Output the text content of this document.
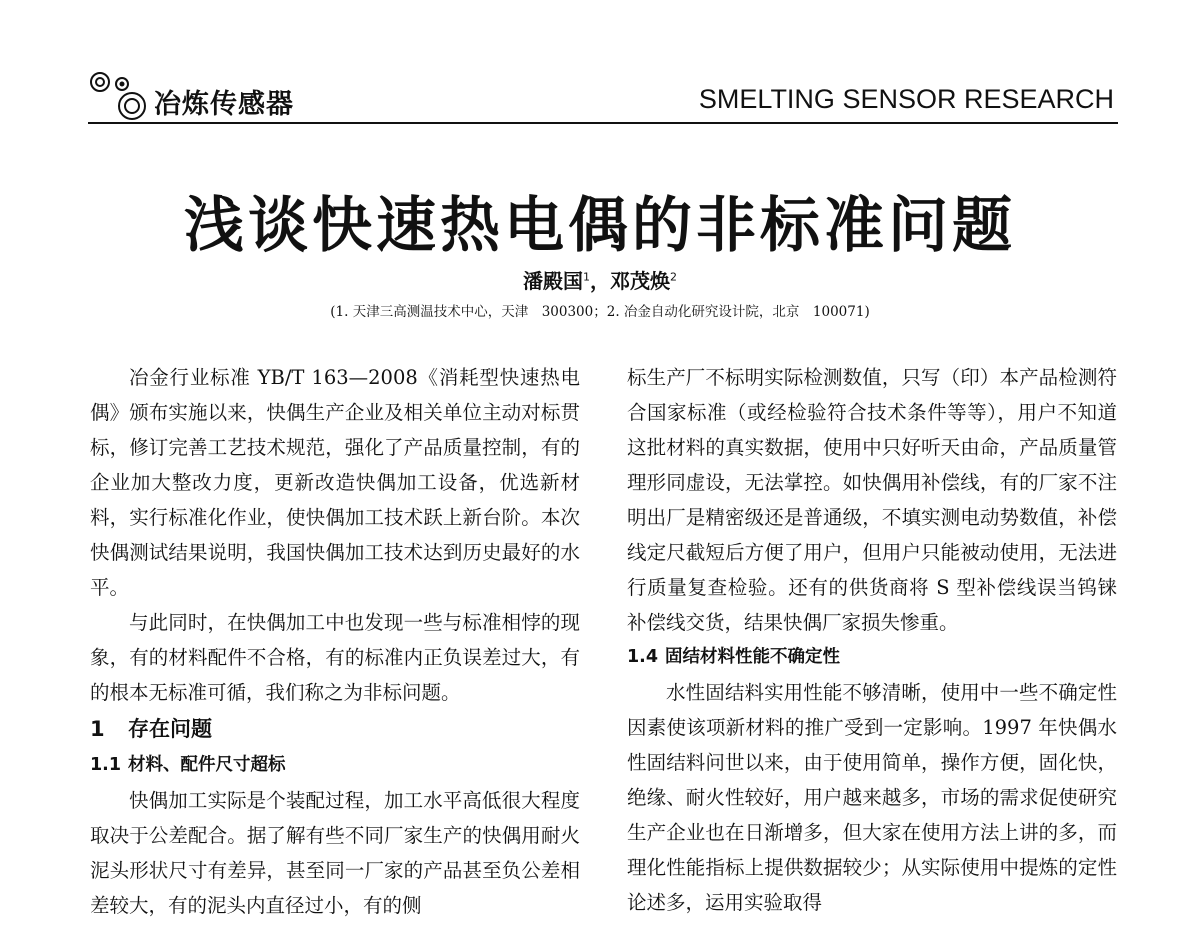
冶炼传感器	SMELTING SENSOR RESEARCH
浅谈快速热电偶的非标准问题
潘殿国$^1$，邓茂焕$^2$
(1. 天津三高测温技术中心，天津　300300；2. 冶金自动化研究设计院，北京　100071)

冶金行业标准 YB/T 163—2008《消耗型快速热电偶》颁布实施以来，快偶生产企业及相关单位主动对标贯标，修订完善工艺技术规范，强化了产品质量控制，有的企业加大整改力度，更新改造快偶加工设备，优选新材料，实行标准化作业，使快偶加工技术跃上新台阶。本次快偶测试结果说明，我国快偶加工技术达到历史最好的水平。

与此同时，在快偶加工中也发现一些与标准相悖的现象，有的材料配件不合格，有的标准内正负误差过大，有的根本无标准可循，我们称之为非标问题。

1 存在问题
1.1 材料、配件尺寸超标

快偶加工实际是个装配过程，加工水平高低很大程度取决于公差配合。据了解有些不同厂家生产的快偶用耐火泥头形状尺寸有差异，甚至同一厂家的产品甚至负公差相差较大，有的泥头内直径过小，有的侧

标生产厂不标明实际检测数值，只写（印）本产品检测符合国家标准（或经检验符合技术条件等等），用户不知道这批材料的真实数据，使用中只好听天由命，产品质量管理形同虚设，无法掌控。如快偶用补偿线，有的厂家不注明出厂是精密级还是普通级，不填实测电动势数值，补偿线定尺截短后方便了用户，但用户只能被动使用，无法进行质量复查检验。还有的供货商将 S 型补偿线误当钨铼补偿线交货，结果快偶厂家损失惨重。

1.4 固结材料性能不确定性

水性固结料实用性能不够清晰，使用中一些不确定性因素使该项新材料的推广受到一定影响。1997 年快偶水性固结料问世以来，由于使用简单，操作方便，固化快，绝缘、耐火性较好，用户越来越多，市场的需求促使研究生产企业也在日渐增多，但大家在使用方法上讲的多，而理化性能指标上提供数据较少；从实际使用中提炼的定性论述多，运用实验取得
